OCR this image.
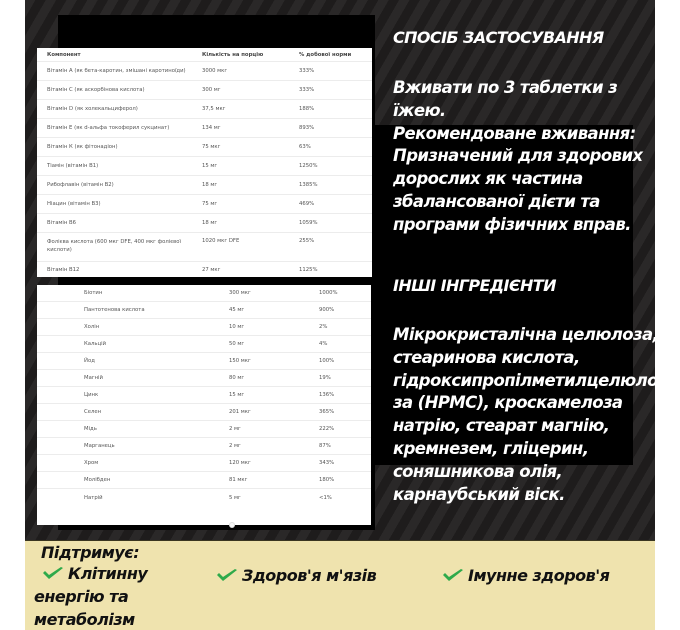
Компонент	Кількість на порцію	% добової норми
Вітамін А (як бета-каротин, змішані каротиноїди)	3000 мкг	333%
Вітамін С (як аскорбінова кислота)	300 мг	333%
Вітамін D (як холекальциферол)	37,5 мкг	188%
Вітамін Е (як d-альфа токоферил сукцинат)	134 мг	893%
Вітамін К (як фітонадіон)	75 мкг	63%
Тіамін (вітамін В1)	15 мг	1250%
Рибофлавін (вітамін В2)	18 мг	1385%
Ніацин (вітамін В3)	75 мг	469%
Вітамін В6	18 мг	1059%
Фолієва кислота (600 мкг DFE, 400 мкг фолієвої кислоти)
1020 мкг DFE	255%
Вітамін В12	27 мкг	1125%
Біотин	300 мкг	1000%
Пантотенова кислота	45 мг	900%
Холін	10 мг	2%
Кальцій	50 мг	4%
Йод	150 мкг	100%
Магній	80 мг	19%
Цинк	15 мг	136%
Селен	201 мкг	365%
Мідь	2 мг	222%
Марганець	2 мг	87%
Хром	120 мкг	343%
Молібден	81 мкг	180%
Натрій	5 мг	<1%
СПОСІБ ЗАСТОСУВАННЯ
Вживати по 3 таблетки з
їжею.
Рекомендоване вживання:
Призначений для здорових
дорослих як частина
збалансованої дієти та
програми фізичних вправ.
ІНШІ ІНГРЕДІЄНТИ
Мікрокристалічна целюлоза,
стеаринова кислота,
гідроксипропілметилцелюло
за (НРМС), кроскамелоза
натрію, стеарат магнію,
кремнезем, гліцерин,
соняшникова олія,
карнаубський віск.
Підтримує:
Клітинну
енергію та
метаболізм
Здоров'я м'язів	Імунне здоров'я
